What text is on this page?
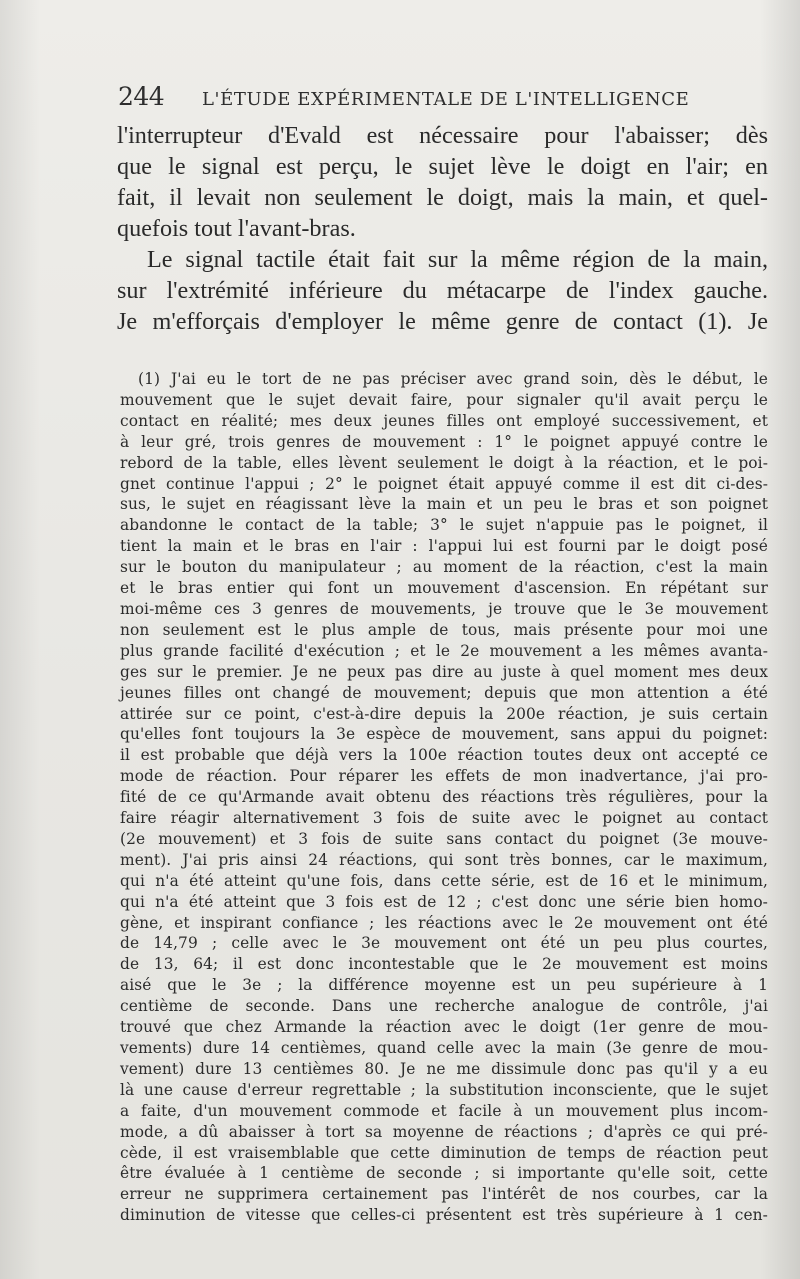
244	L'ÉTUDE EXPÉRIMENTALE DE L'INTELLIGENCE
l'interrupteur d'Evald est nécessaire pour l'abaisser; dès
que le signal est perçu, le sujet lève le doigt en l'air; en
fait, il levait non seulement le doigt, mais la main, et quel-
quefois tout l'avant-bras.
Le signal tactile était fait sur la même région de la main,
sur l'extrémité inférieure du métacarpe de l'index gauche.
Je m'efforçais d'employer le même genre de contact (1). Je
(1) J'ai eu le tort de ne pas préciser avec grand soin, dès le début, le
mouvement que le sujet devait faire, pour signaler qu'il avait perçu le
contact en réalité; mes deux jeunes filles ont employé successivement, et
à leur gré, trois genres de mouvement : 1° le poignet appuyé contre le
rebord de la table, elles lèvent seulement le doigt à la réaction, et le poi-
gnet continue l'appui ; 2° le poignet était appuyé comme il est dit ci-des-
sus, le sujet en réagissant lève la main et un peu le bras et son poignet
abandonne le contact de la table; 3° le sujet n'appuie pas le poignet, il
tient la main et le bras en l'air : l'appui lui est fourni par le doigt posé
sur le bouton du manipulateur ; au moment de la réaction, c'est la main
et le bras entier qui font un mouvement d'ascension. En répétant sur
moi-même ces 3 genres de mouvements, je trouve que le 3e mouvement
non seulement est le plus ample de tous, mais présente pour moi une
plus grande facilité d'exécution ; et le 2e mouvement a les mêmes avanta-
ges sur le premier. Je ne peux pas dire au juste à quel moment mes deux
jeunes filles ont changé de mouvement; depuis que mon attention a été
attirée sur ce point, c'est-à-dire depuis la 200e réaction, je suis certain
qu'elles font toujours la 3e espèce de mouvement, sans appui du poignet:
il est probable que déjà vers la 100e réaction toutes deux ont accepté ce
mode de réaction. Pour réparer les effets de mon inadvertance, j'ai pro-
fité de ce qu'Armande avait obtenu des réactions très régulières, pour la
faire réagir alternativement 3 fois de suite avec le poignet au contact
(2e mouvement) et 3 fois de suite sans contact du poignet (3e mouve-
ment). J'ai pris ainsi 24 réactions, qui sont très bonnes, car le maximum,
qui n'a été atteint qu'une fois, dans cette série, est de 16 et le minimum,
qui n'a été atteint que 3 fois est de 12 ; c'est donc une série bien homo-
gène, et inspirant confiance ; les réactions avec le 2e mouvement ont été
de 14,79 ; celle avec le 3e mouvement ont été un peu plus courtes,
de 13, 64; il est donc incontestable que le 2e mouvement est moins
aisé que le 3e ; la différence moyenne est un peu supérieure à 1
centième de seconde. Dans une recherche analogue de contrôle, j'ai
trouvé que chez Armande la réaction avec le doigt (1er genre de mou-
vements) dure 14 centièmes, quand celle avec la main (3e genre de mou-
vement) dure 13 centièmes 80. Je ne me dissimule donc pas qu'il y a eu
là une cause d'erreur regrettable ; la substitution inconsciente, que le sujet
a faite, d'un mouvement commode et facile à un mouvement plus incom-
mode, a dû abaisser à tort sa moyenne de réactions ; d'après ce qui pré-
cède, il est vraisemblable que cette diminution de temps de réaction peut
être évaluée à 1 centième de seconde ; si importante qu'elle soit, cette
erreur ne supprimera certainement pas l'intérêt de nos courbes, car la
diminution de vitesse que celles-ci présentent est très supérieure à 1 cen-
